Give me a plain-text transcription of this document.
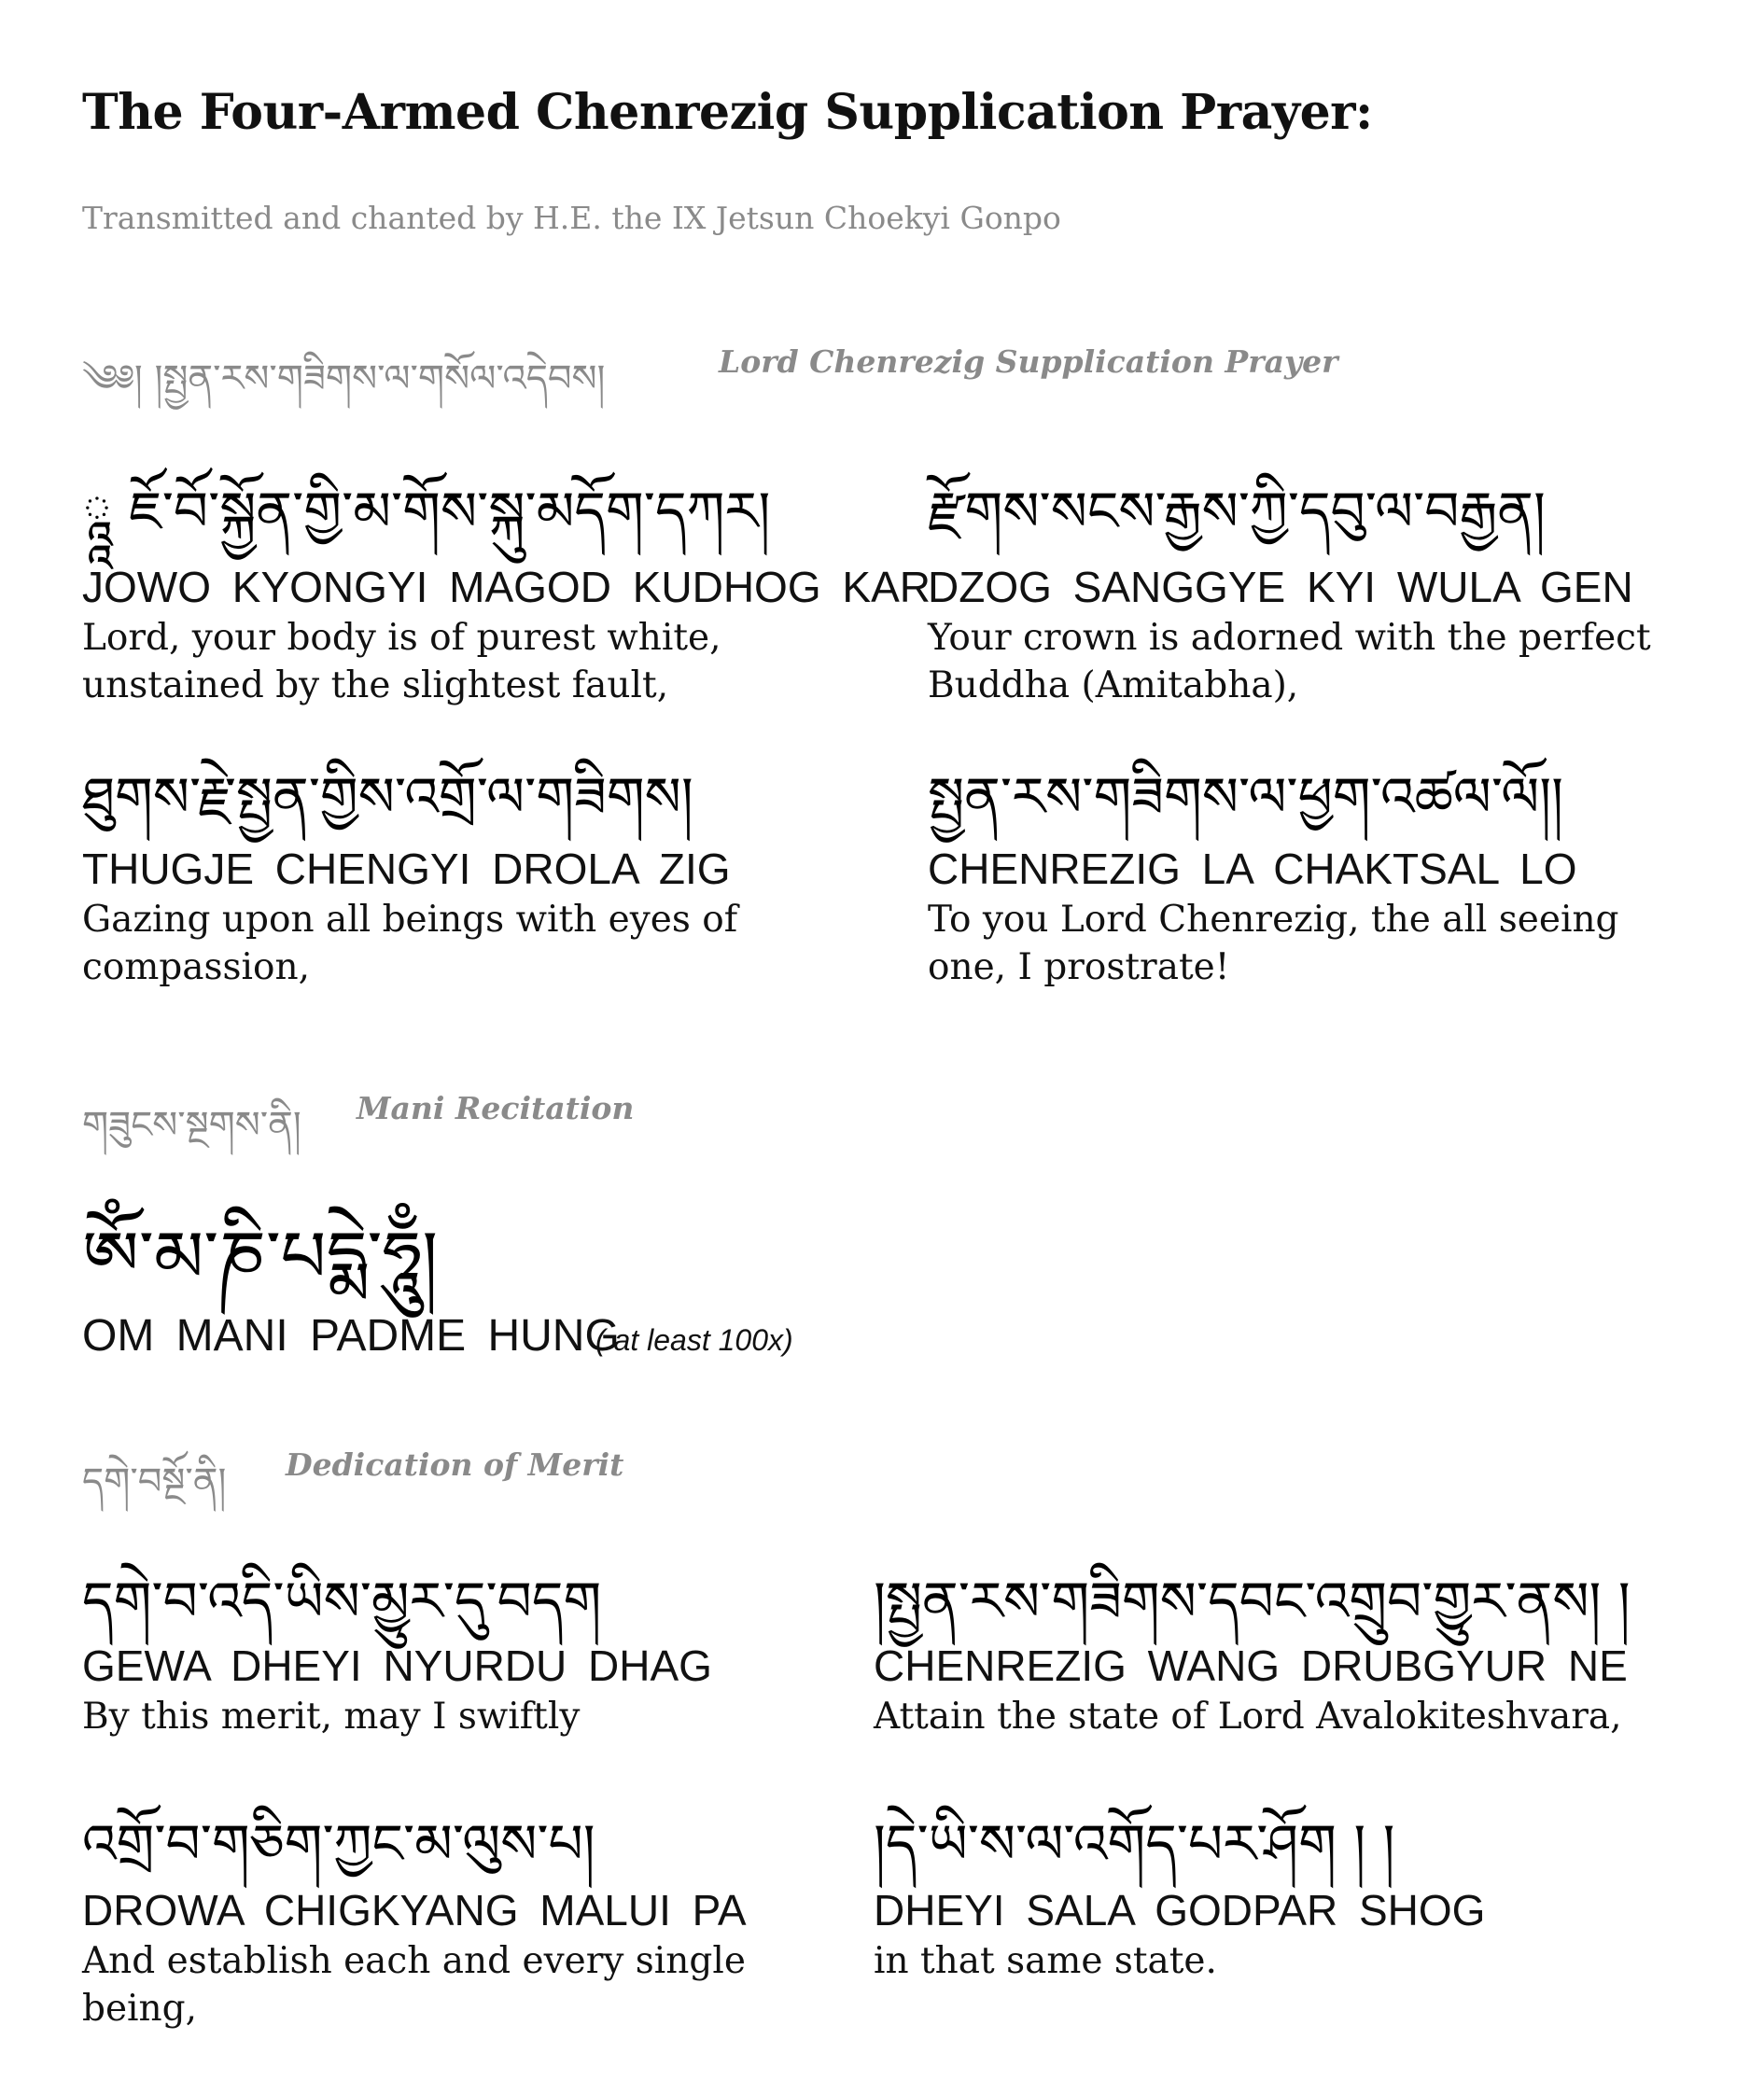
The Four-Armed Chenrezig Supplication Prayer:
Transmitted and chanted by H.E. the IX Jetsun Choekyi Gonpo
༄༅། །སྤྱན་རས་གཟིགས་ལ་གསོལ་འདེབས།	Lord Chenrezig Supplication Prayer
ཱཱ ཇོ་བོ་སྐྱོན་གྱི་མ་གོས་སྐུ་མདོག་དཀར།
JOWO KYONGYI MAGOD KUDHOG KAR
Lord, your body is of purest white, unstained by the slightest fault,
རྫོགས་སངས་རྒྱས་ཀྱི་དབུ་ལ་བརྒྱན།
DZOG SANGGYE KYI WULA GEN
Your crown is adorned with the perfect Buddha (Amitabha),
ཐུགས་རྗེ་སྤྱན་གྱིས་འགྲོ་ལ་གཟིགས།
THUGJE CHENGYI DROLA ZIG
Gazing upon all beings with eyes of compassion,
སྤྱན་རས་གཟིགས་ལ་ཕྱག་འཚལ་ལོ།།
CHENREZIG LA CHAKTSAL LO
To you Lord Chenrezig, the all seeing one, I prostrate!
གཟུངས་སྔགས་ནི། Mani Recitation
ཨོཾ་མ་ཎི་པདྨེ་ཧཱུྃ།
OM MANI PADME HUNG
( at least 100x)
དགེ་བསྔོ་ནི། Dedication of Merit
དགེ་བ་འདི་ཡིས་མྱུར་དུ་བདག
GEWA DHEYI NYURDU DHAG
By this merit, may I swiftly
།སྤྱན་རས་གཟིགས་དབང་འགྲུབ་གྱུར་ནས། །
CHENREZIG WANG DRUBGYUR NE
Attain the state of Lord Avalokiteshvara,
འགྲོ་བ་གཅིག་ཀྱང་མ་ལུས་པ།
DROWA CHIGKYANG MALUI PA
And establish each and every single being,
།དེ་ཡི་ས་ལ་འགོད་པར་ཤོག ། །
DHEYI SALA GODPAR SHOG
in that same state.
